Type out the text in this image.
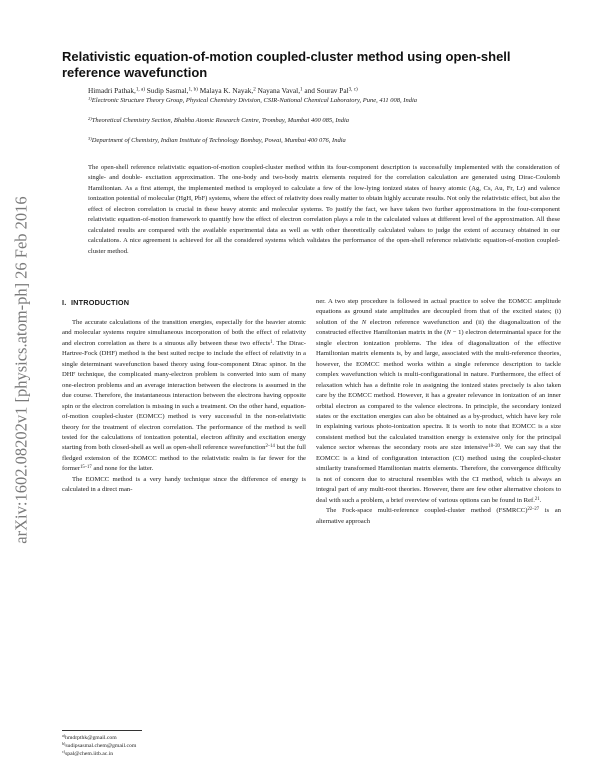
arXiv:1602.08202v1 [physics.atom-ph] 26 Feb 2016
Relativistic equation-of-motion coupled-cluster method using open-shell reference wavefunction
Himadri Pathak,$^{1, a)}$ Sudip Sasmal,$^{1, b)}$ Malaya K. Nayak,$^2$ Nayana Vaval,$^1$ and Sourav Pal$^{3, c)}$
$^{1)}$Electronic Structure Theory Group, Physical Chemistry Division, CSIR-National Chemical Laboratory, Pune, 411 008, India
$^{2)}$Theoretical Chemistry Section, Bhabha Atomic Research Centre, Trombay, Mumbai 400 085, India
$^{3)}$Department of Chemistry, Indian Institute of Technology Bombay, Powai, Mumbai 400 076, India
The open-shell reference relativistic equation-of-motion coupled-cluster method within its four-component description is successfully implemented with the consideration of single- and double- excitation approximation. The one-body and two-body matrix elements required for the correlation calculation are generated using Dirac-Coulomb Hamiltonian. As a first attempt, the implemented method is employed to calculate a few of the low-lying ionized states of heavy atomic (Ag, Cs, Au, Fr, Lr) and valence ionization potential of molecular (HgH, PbF) systems, where the effect of relativity does really matter to obtain highly accurate results. Not only the relativistic effect, but also the effect of electron correlation is crucial in these heavy atomic and molecular systems. To justify the fact, we have taken two further approximations in the four-component relativistic equation-of-motion framework to quantify how the effect of electron correlation plays a role in the calculated values at different level of the approximation. All these calculated results are compared with the available experimental data as well as with other theoretically calculated values to judge the extent of accuracy obtained in our calculations. A nice agreement is achieved for all the considered systems which validates the performance of the open-shell reference relativistic equation-of-motion coupled-cluster method.
I. INTRODUCTION

The accurate calculations of the transition energies, especially for the heavier atomic and molecular systems require simultaneous incorporation of both the effect of relativity and electron correlation as there is a sinuous ally between these two effects$^1$. The Dirac-Hartree-Fock (DHF) method is the best suited recipe to include the effect of relativity in a single determinant wavefunction based theory using four-component Dirac spinor. In the DHF technique, the complicated many-electron problem is converted into sum of many one-electron problems and an average interaction between the electrons is assumed in the due course. Therefore, the instantaneous interaction between the electrons having opposite spin or the electron correlation is missing in such a treatment. On the other hand, equation-of-motion coupled-cluster (EOMCC) method is very successful in the non-relativistic theory for the treatment of electron correlation. The performance of the method is well tested for the calculations of ionization potential, electron affinity and excitation energy starting from both closed-shell as well as open-shell reference wavefunction$^{2-14}$ but the full fledged extension of the EOMCC method to the relativistic realm is far fewer for the former$^{15-17}$ and none for the latter.

The EOMCC method is a very handy technique since the difference of energy is calculated in a direct man-

ner. A two step procedure is followed in actual practice to solve the EOMCC amplitude equations as ground state amplitudes are decoupled from that of the excited states; (i) solution of the N electron reference wavefunction and (ii) the diagonalization of the constructed effective Hamiltonian matrix in the (N − 1) electron determinantal space for the single electron ionization problems. The idea of diagonalization of the effective Hamiltonian matrix elements is, by and large, associated with the multi-reference theories, however, the EOMCC method works within a single reference description to tackle complex wavefunction which is multi-configurational in nature. Furthermore, the effect of relaxation which has a definite role in assigning the ionized states precisely is also taken care by the EOMCC method. However, it has a greater relevance in ionization of an inner orbital electron as compared to the valence electrons. In principle, the secondary ionized states or the excitation energies can also be obtained as a by-product, which have key role in explaining various photo-ionization spectra. It is worth to note that EOMCC is a size consistent method but the calculated transition energy is extensive only for the principal valence sector whereas the secondary roots are size intensive$^{18-20}$. We can say that the EOMCC is a kind of configuration interaction (CI) method using the coupled-cluster similarity transformed Hamiltonian matrix elements. Therefore, the convergence difficulty is not of concern due to structural resembles with the CI method, which is always an integral part of any multi-root theories. However, there are few other alternative choices to deal with such a problem, a brief overview of various options can be found in Ref.$^{21}$.

The Fock-space multi-reference coupled-cluster method (FSMRCC)$^{22-27}$ is an alternative approach

$^{a)}$hmdrpthk@gmail.com
$^{b)}$sudipsasmal.chem@gmail.com
$^{c)}$spal@chem.iitb.ac.in
